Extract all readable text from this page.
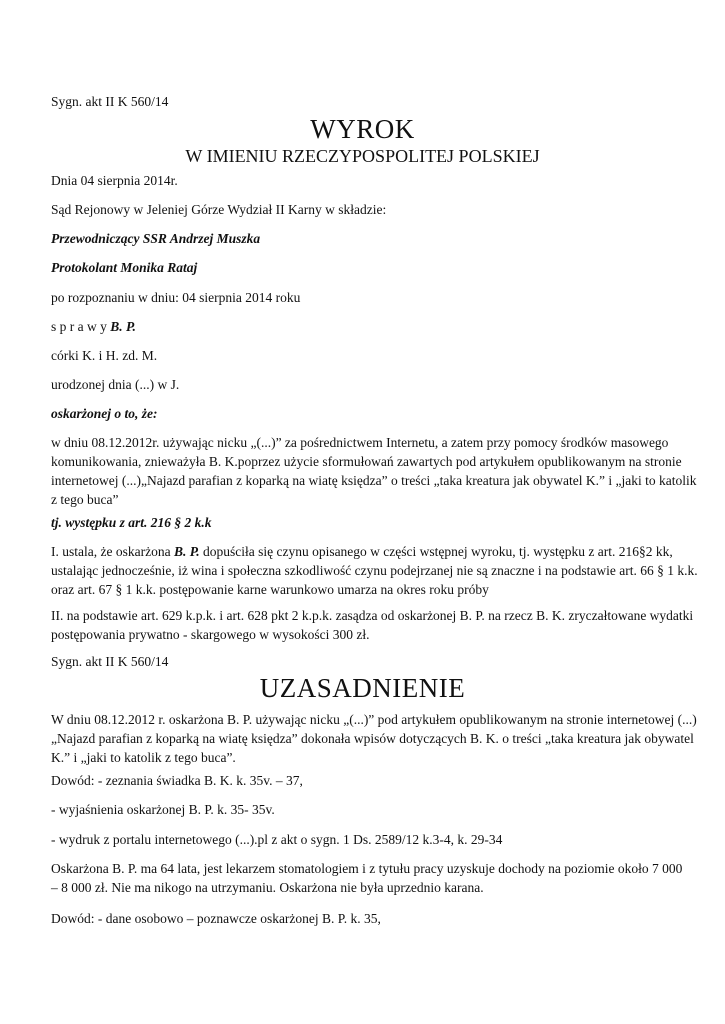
Sygn. akt II K 560/14

WYROK
W IMIENIU RZECZYPOSPOLITEJ POLSKIEJ

Dnia 04 sierpnia 2014r.

Sąd Rejonowy w Jeleniej Górze Wydział II Karny w składzie:

Przewodniczący SSR Andrzej Muszka

Protokolant Monika Rataj

po rozpoznaniu w dniu: 04 sierpnia 2014 roku

s p r a w y B. P.

córki K. i H. zd. M.

urodzonej dnia (...) w J.

oskarżonej o to, że:

w dniu 08.12.2012r. używając nicku „(...)” za pośrednictwem Internetu, a zatem przy pomocy środków masowego
komunikowania, znieważyła B. K.poprzez użycie sformułowań zawartych pod artykułem opublikowanym na stronie
internetowej (...)„Najazd parafian z koparką na wiatę księdza” o treści „taka kreatura jak obywatel K.” i „jaki to katolik
z tego buca”

tj. występku z art. 216 § 2 k.k

I. ustala, że oskarżona B. P. dopuściła się czynu opisanego w części wstępnej wyroku, tj. występku z art. 216§2 kk,
ustalając jednocześnie, iż wina i społeczna szkodliwość czynu podejrzanej nie są znaczne i na podstawie art. 66 § 1 k.k.
oraz art. 67 § 1 k.k. postępowanie karne warunkowo umarza na okres roku próby
II. na podstawie art. 629 k.p.k. i art. 628 pkt 2 k.p.k. zasądza od oskarżonej B. P. na rzecz B. K. zryczałtowane wydatki
postępowania prywatno - skargowego w wysokości 300 zł.

Sygn. akt II K 560/14

UZASADNIENIE
W dniu 08.12.2012 r. oskarżona B. P. używając nicku „(...)” pod artykułem opublikowanym na stronie internetowej (...)
„Najazd parafian z koparką na wiatę księdza” dokonała wpisów dotyczących B. K. o treści „taka kreatura jak obywatel
K.” i „jaki to katolik z tego buca”.

Dowód: - zeznania świadka B. K. k. 35v. – 37,

- wyjaśnienia oskarżonej B. P. k. 35- 35v.

- wydruk z portalu internetowego (...).pl z akt o sygn. 1 Ds. 2589/12 k.3-4, k. 29-34

Oskarżona B. P. ma 64 lata, jest lekarzem stomatologiem i z tytułu pracy uzyskuje dochody na poziomie około 7 000
– 8 000 zł. Nie ma nikogo na utrzymaniu. Oskarżona nie była uprzednio karana.

Dowód: - dane osobowo – poznawcze oskarżonej B. P. k. 35,
